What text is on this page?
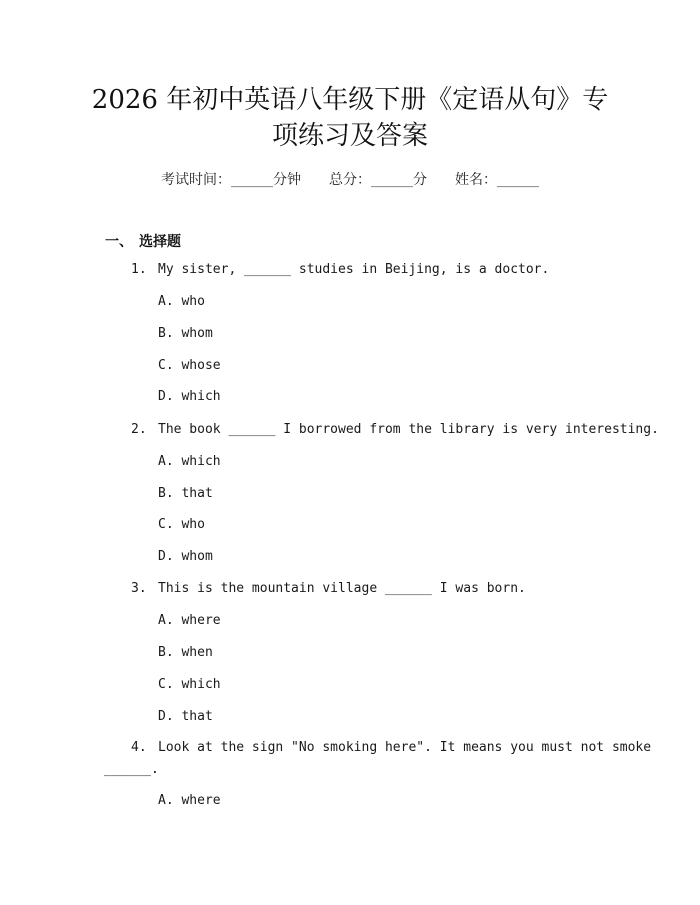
2026 年初中英语八年级下册《定语从句》专
项练习及答案
考试时间：______分钟 总分：______分 姓名：______
一、 选择题
1. My sister, ______ studies in Beijing, is a doctor.
A. who
B. whom
C. whose
D. which
2. The book ______ I borrowed from the library is very interesting.
A. which
B. that
C. who
D. whom
3. This is the mountain village ______ I was born.
A. where
B. when
C. which
D. that
4. Look at the sign "No smoking here". It means you must not smoke
______.
A. where
